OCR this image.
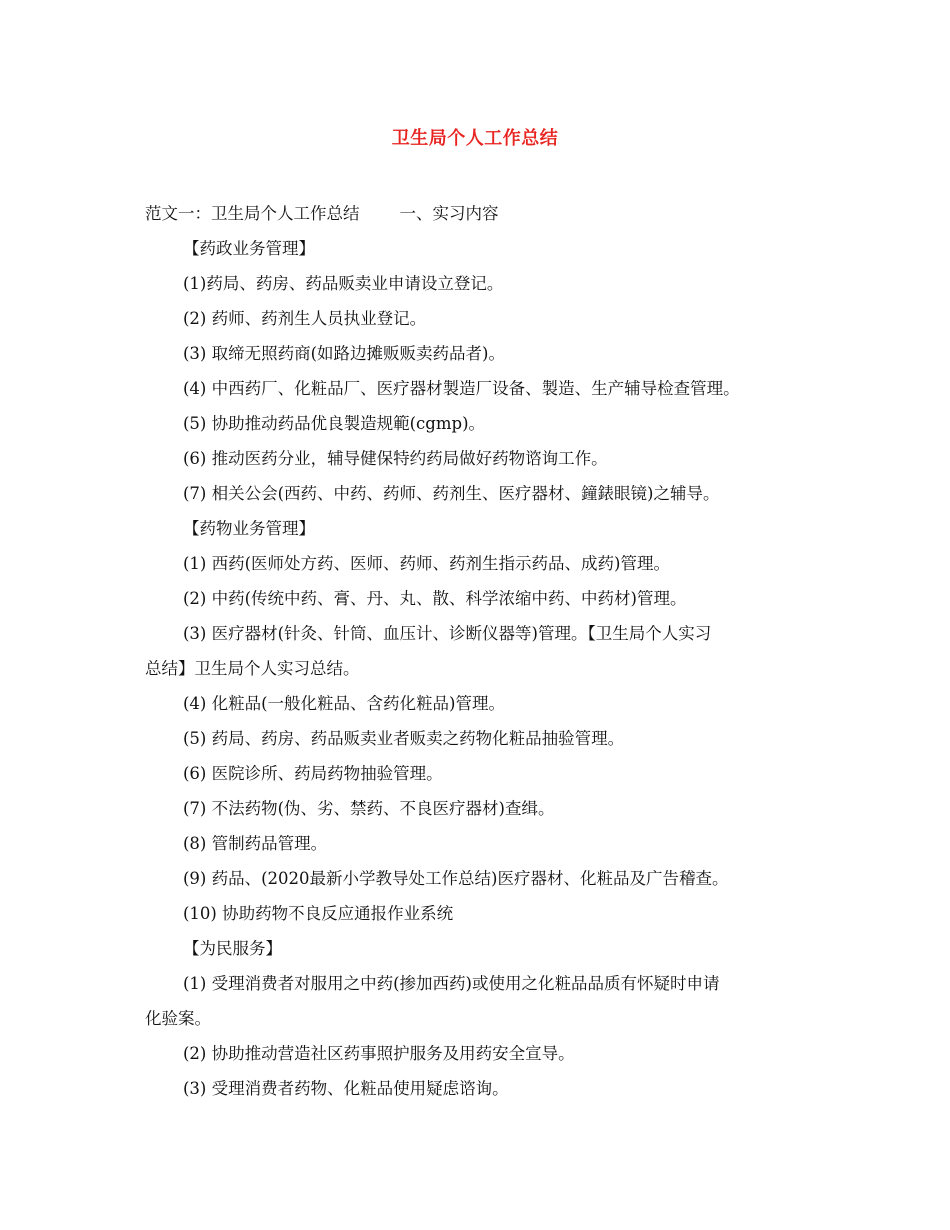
卫生局个人工作总结

范文一：卫生局个人工作总结 一、实习内容

【药政业务管理】

(1)药局、药房、药品贩卖业申请设立登记。

(2) 药师、药剂生人员执业登记。

(3) 取缔无照药商(如路边摊贩贩卖药品者)。

(4) 中西药厂、化粧品厂、医疗器材製造厂设备、製造、生产辅导检查管理。

(5) 协助推动药品优良製造规範(cgmp)。

(6) 推动医药分业，辅导健保特约药局做好药物谘询工作。

(7) 相关公会(西药、中药、药师、药剂生、医疗器材、鐘錶眼镜)之辅导。

【药物业务管理】

(1) 西药(医师处方药、医师、药师、药剂生指示药品、成药)管理。

(2) 中药(传统中药、膏、丹、丸、散、科学浓缩中药、中药材)管理。

(3) 医疗器材(针灸、针筒、血压计、诊断仪器等)管理。【卫生局个人实习

总结】卫生局个人实习总结。

(4) 化粧品(一般化粧品、含药化粧品)管理。

(5) 药局、药房、药品贩卖业者贩卖之药物化粧品抽验管理。

(6) 医院诊所、药局药物抽验管理。

(7) 不法药物(伪、劣、禁药、不良医疗器材)查缉。

(8) 管制药品管理。

(9) 药品、(2020最新小学教导处工作总结)医疗器材、化粧品及广告稽查。

(10) 协助药物不良反应通报作业系统

【为民服务】

(1) 受理消费者对服用之中药(掺加西药)或使用之化粧品品质有怀疑时申请

化验案。

(2) 协助推动营造社区药事照护服务及用药安全宣导。

(3) 受理消费者药物、化粧品使用疑虑谘询。
